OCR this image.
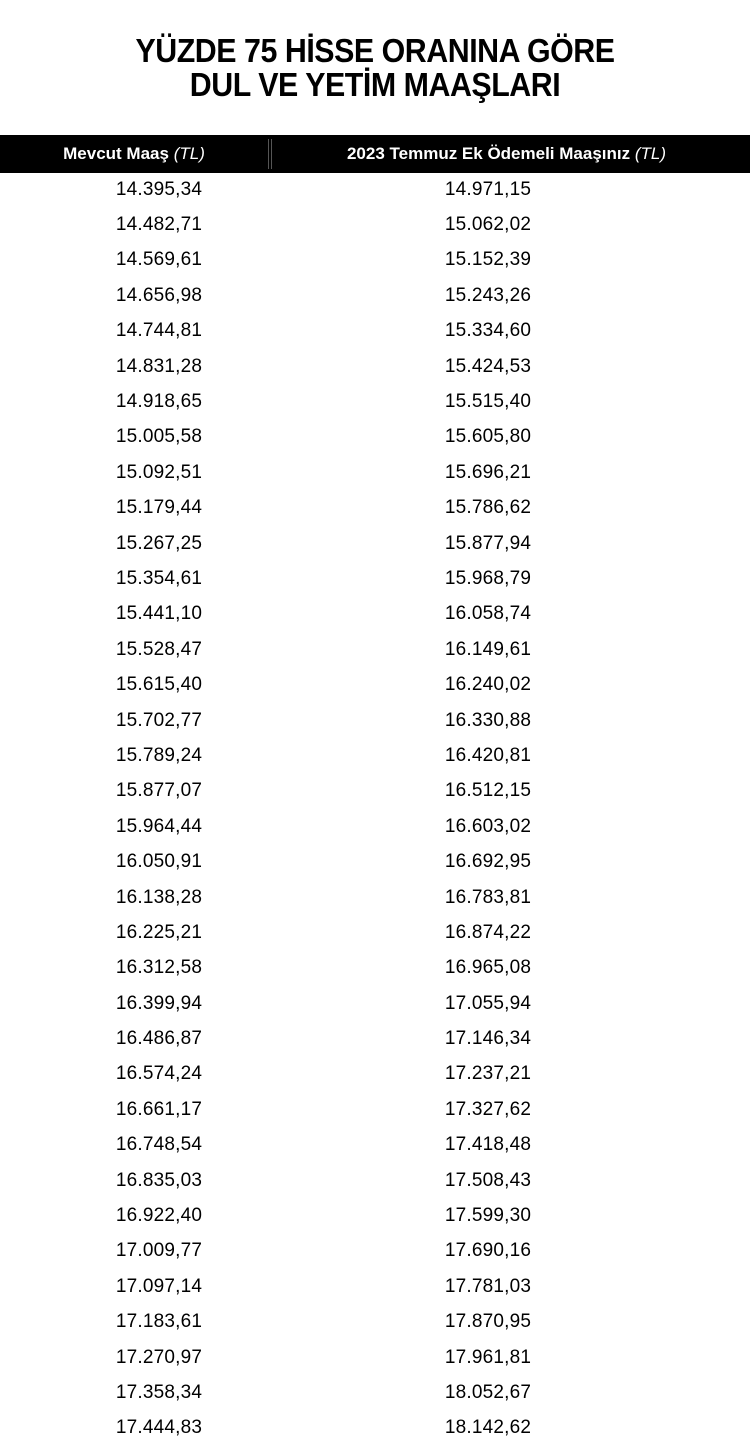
YÜZDE 75 HİSSE ORANINA GÖRE
DUL VE YETİM MAAŞLARI
Mevcut Maaş (TL)	2023 Temmuz Ek Ödemeli Maaşınız (TL)
14.395,34	14.971,15
14.482,71	15.062,02
14.569,61	15.152,39
14.656,98	15.243,26
14.744,81	15.334,60
14.831,28	15.424,53
14.918,65	15.515,40
15.005,58	15.605,80
15.092,51	15.696,21
15.179,44	15.786,62
15.267,25	15.877,94
15.354,61	15.968,79
15.441,10	16.058,74
15.528,47	16.149,61
15.615,40	16.240,02
15.702,77	16.330,88
15.789,24	16.420,81
15.877,07	16.512,15
15.964,44	16.603,02
16.050,91	16.692,95
16.138,28	16.783,81
16.225,21	16.874,22
16.312,58	16.965,08
16.399,94	17.055,94
16.486,87	17.146,34
16.574,24	17.237,21
16.661,17	17.327,62
16.748,54	17.418,48
16.835,03	17.508,43
16.922,40	17.599,30
17.009,77	17.690,16
17.097,14	17.781,03
17.183,61	17.870,95
17.270,97	17.961,81
17.358,34	18.052,67
17.444,83	18.142,62
